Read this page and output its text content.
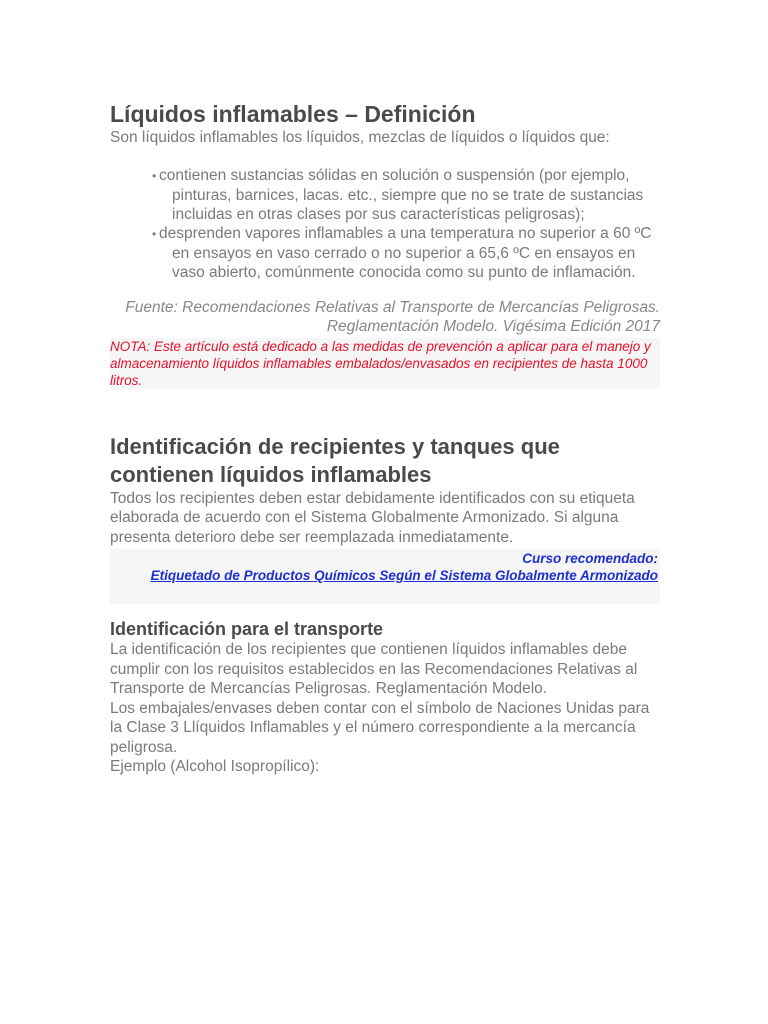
Líquidos inflamables – Definición

Son líquidos inflamables los líquidos, mezclas de líquidos o líquidos que:

• contienen sustancias sólidas en solución o suspensión (por ejemplo, pinturas, barnices, lacas. etc., siempre que no se trate de sustancias incluidas en otras clases por sus características peligrosas);
• desprenden vapores inflamables a una temperatura no superior a 60 ºC en ensayos en vaso cerrado o no superior a 65,6 ºC en ensayos en vaso abierto, comúnmente conocida como su punto de inflamación.

Fuente: Recomendaciones Relativas al Transporte de Mercancías Peligrosas. Reglamentación Modelo. Vigésima Edición 2017

NOTA: Este artículo está dedicado a las medidas de prevención a aplicar para el manejo y almacenamiento líquidos inflamables embalados/envasados en recipientes de hasta 1000 litros.

Identificación de recipientes y tanques que contienen líquidos inflamables

Todos los recipientes deben estar debidamente identificados con su etiqueta elaborada de acuerdo con el Sistema Globalmente Armonizado. Si alguna presenta deterioro debe ser reemplazada inmediatamente.

Curso recomendado:

Etiquetado de Productos Químicos Según el Sistema Globalmente Armonizado

Identificación para el transporte

La identificación de los recipientes que contienen líquidos inflamables debe cumplir con los requisitos establecidos en las Recomendaciones Relativas al Transporte de Mercancías Peligrosas. Reglamentación Modelo.

Los embajales/envases deben contar con el símbolo de Naciones Unidas para la Clase 3 Llíquidos Inflamables y el número correspondiente a la mercancía peligrosa.

Ejemplo (Alcohol Isopropílico):
